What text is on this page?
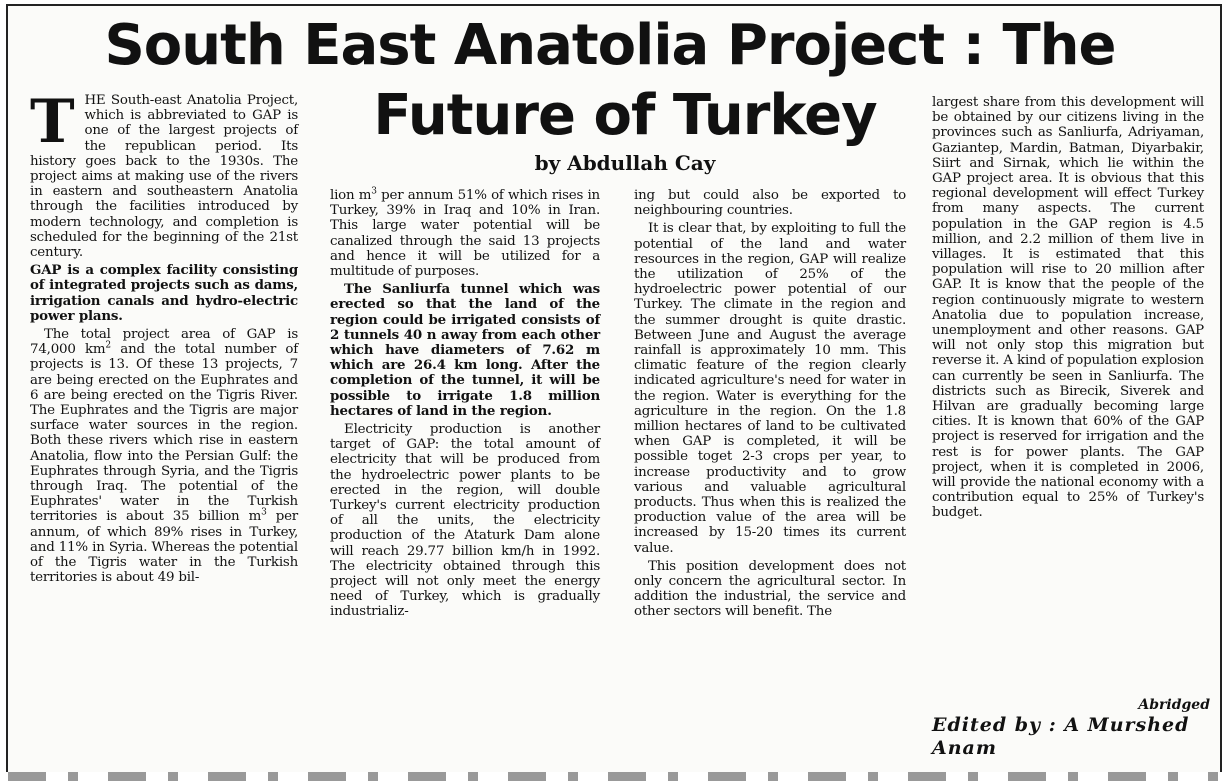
South East Anatolia Project : The
Future of Turkey
by Abdullah Cay

THE South-east Anatolia Project, which is abbreviated to GAP is one of the largest projects of the republican period. Its history goes back to the 1930s. The project aims at making use of the rivers in eastern and southeastern Anatolia through the facilities introduced by modern technology, and completion is scheduled for the beginning of the 21st century.

GAP is a complex facility consisting of integrated projects such as dams, irrigation canals and hydro-electric power plans.

The total project area of GAP is 74,000 $km^2$ and the total number of projects is 13. Of these 13 projects, 7 are being erected on the Euphrates and 6 are being erected on the Tigris River. The Euphrates and the Tigris are major surface water sources in the region. Both these rivers which rise in eastern Anatolia, flow into the Persian Gulf: the Euphrates through Syria, and the Tigris through Iraq. The potential of the Euphrates' water in the Turkish territories is about 35 billion $m^3$ per annum, of which 89% rises in Turkey, and 11% in Syria. Whereas the potential of the Tigris water in the Turkish territories is about 49 bil-

lion $m^3$ per annum 51% of which rises in Turkey, 39% in Iraq and 10% in Iran. This large water potential will be canalized through the said 13 projects and hence it will be utilized for a multitude of purposes.

The Sanliurfa tunnel which was erected so that the land of the region could be irrigated consists of 2 tunnels 40 n away from each other which have diameters of 7.62 m which are 26.4 km long. After the completion of the tunnel, it will be possible to irrigate 1.8 million hectares of land in the region.

Electricity production is another target of GAP: the total amount of electricity that will be produced from the hydroelectric power plants to be erected in the region, will double Turkey's current electricity production of all the units, the electricity production of the Ataturk Dam alone will reach 29.77 billion km/h in 1992. The electricity obtained through this project will not only meet the energy need of Turkey, which is gradually industrializ-

ing but could also be exported to neighbouring countries.

It is clear that, by exploiting to full the potential of the land and water resources in the region, GAP will realize the utilization of 25% of the hydroelectric power potential of our Turkey. The climate in the region and the summer drought is quite drastic. Between June and August the average rainfall is approximately 10 mm. This climatic feature of the region clearly indicated agriculture's need for water in the region. Water is everything for the agriculture in the region. On the 1.8 million hectares of land to be cultivated when GAP is completed, it will be possible toget 2-3 crops per year, to increase productivity and to grow various and valuable agricultural products. Thus when this is realized the production value of the area will be increased by 15-20 times its current value.

This position development does not only concern the agricultural sector. In addition the industrial, the service and other sectors will benefit. The

largest share from this development will be obtained by our citizens living in the provinces such as Sanliurfa, Adriyaman, Gaziantep, Mardin, Batman, Diyarbakir, Siirt and Sirnak, which lie within the GAP project area. It is obvious that this regional development will effect Turkey from many aspects. The current population in the GAP region is 4.5 million, and 2.2 million of them live in villages. It is estimated that this population will rise to 20 million after GAP. It is know that the people of the region continuously migrate to western Anatolia due to population increase, unemployment and other reasons. GAP will not only stop this migration but reverse it. A kind of population explosion can currently be seen in Sanliurfa. The districts such as Birecik, Siverek and Hilvan are gradually becoming large cities. It is known that 60% of the GAP project is reserved for irrigation and the rest is for power plants. The GAP project, when it is completed in 2006, will provide the national economy with a contribution equal to 25% of Turkey's budget.

Abridged
Edited by : A Murshed Anam
